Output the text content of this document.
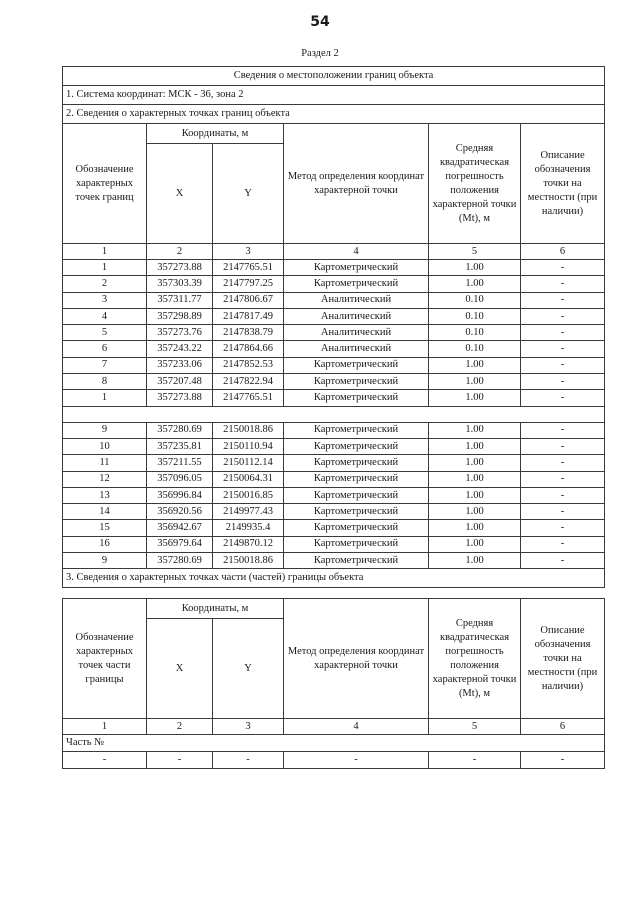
54
Раздел 2
Сведения о местоположении границ объекта					
1. Система координат: МСК - 36, зона 2					
2. Сведения о характерных точках границ объекта					
Обозначение характерных точек границ	Координаты, м		Метод определения координат характерной точки	Средняя квадратическая погрешность положения характерной точки (Mt), м	Описание обозначения точки на местности (при наличии)
	X	Y			
1	2	3	4	5	6
1	357273.88	2147765.51	Картометрический	1.00	-
2	357303.39	2147797.25	Картометрический	1.00	-
3	357311.77	2147806.67	Аналитический	0.10	-
4	357298.89	2147817.49	Аналитический	0.10	-
5	357273.76	2147838.79	Аналитический	0.10	-
6	357243.22	2147864.66	Аналитический	0.10	-
7	357233.06	2147852.53	Картометрический	1.00	-
8	357207.48	2147822.94	Картометрический	1.00	-
1	357273.88	2147765.51	Картометрический	1.00	-

9	357280.69	2150018.86	Картометрический	1.00	-
10	357235.81	2150110.94	Картометрический	1.00	-
11	357211.55	2150112.14	Картометрический	1.00	-
12	357096.05	2150064.31	Картометрический	1.00	-
13	356996.84	2150016.85	Картометрический	1.00	-
14	356920.56	2149977.43	Картометрический	1.00	-
15	356942.67	2149935.4	Картометрический	1.00	-
16	356979.64	2149870.12	Картометрический	1.00	-
9	357280.69	2150018.86	Картометрический	1.00	-
3. Сведения о характерных точках части (частей) границы объекта					
Обозначение характерных точек части границы	Координаты, м		Метод определения координат характерной точки	Средняя квадратическая погрешность положения характерной точки (Mt), м	Описание обозначения точки на местности (при наличии)
	X	Y			
1	2	3	4	5	6
Часть №					
-	-	-	-	-	-
